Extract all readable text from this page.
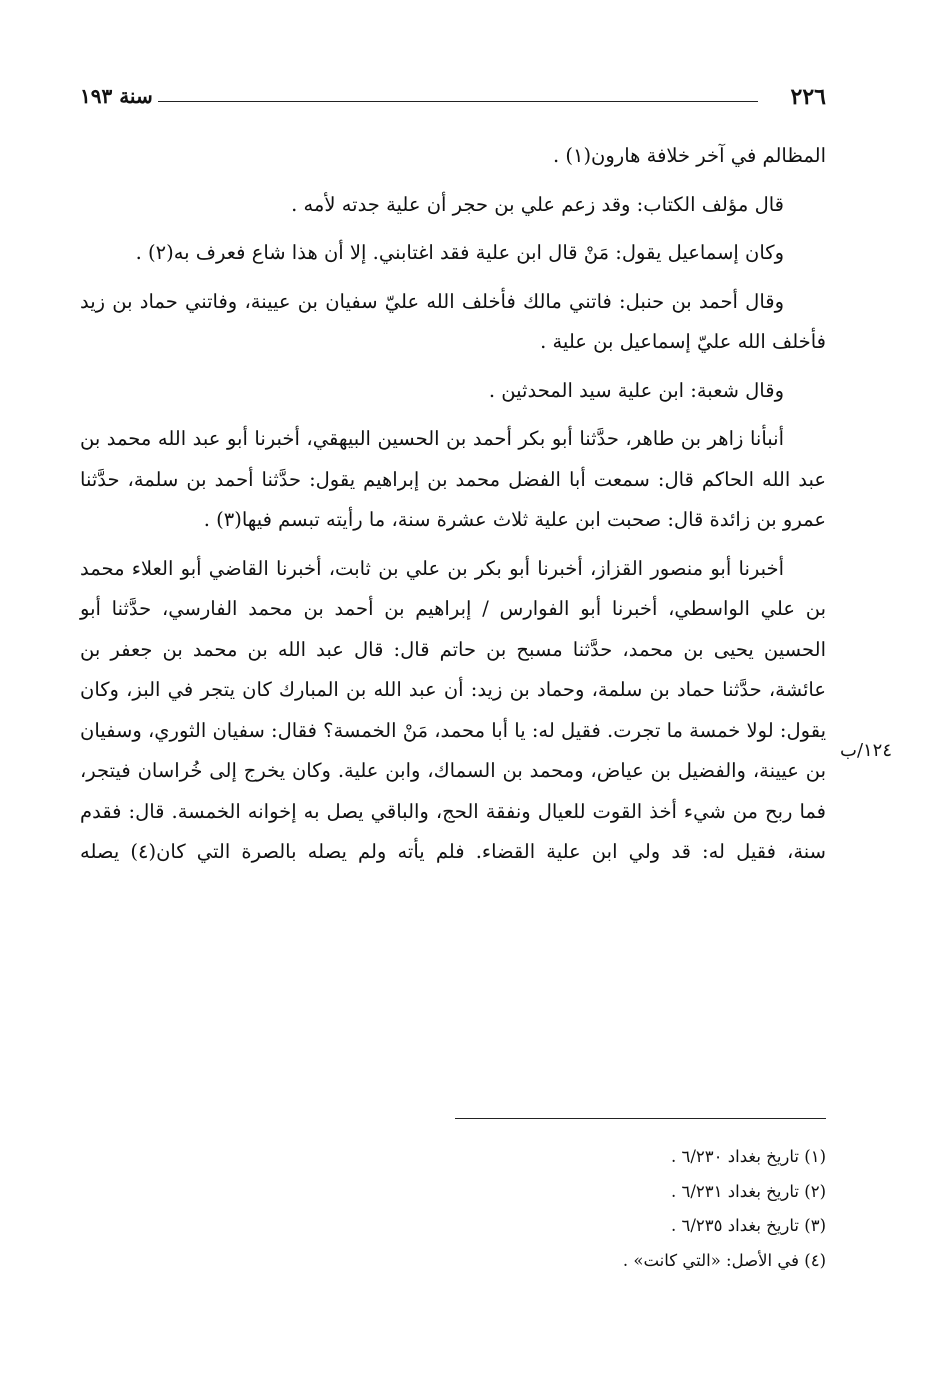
٢٢٦
سنة ١٩٣
١٢٤/ب

المظالم في آخر خلافة هارون(١) .

قال مؤلف الكتاب: وقد زعم علي بن حجر أن علية جدته لأمه .

وكان إسماعيل يقول: مَنْ قال ابن علية فقد اغتابني. إلا أن هذا شاع فعرف به(٢) .

وقال أحمد بن حنبل: فاتني مالك فأخلف الله عليّ سفيان بن عيينة، وفاتني حماد بن زيد فأخلف الله عليّ إسماعيل بن علية .

وقال شعبة: ابن علية سيد المحدثين .

أنبأنا زاهر بن طاهر، حدَّثنا أبو بكر أحمد بن الحسين البيهقي، أخبرنا أبو عبد الله محمد بن عبد الله الحاكم قال: سمعت أبا الفضل محمد بن إبراهيم يقول: حدَّثنا أحمد بن سلمة، حدَّثنا عمرو بن زائدة قال: صحبت ابن علية ثلاث عشرة سنة، ما رأيته تبسم فيها(٣) .

أخبرنا أبو منصور القزاز، أخبرنا أبو بكر بن علي بن ثابت، أخبرنا القاضي أبو العلاء محمد بن علي الواسطي، أخبرنا أبو الفوارس / إبراهيم بن أحمد بن محمد الفارسي، حدَّثنا أبو الحسين يحيى بن محمد، حدَّثنا مسبح بن حاتم قال: قال عبد الله بن محمد بن جعفر بن عائشة، حدَّثنا حماد بن سلمة، وحماد بن زيد: أن عبد الله بن المبارك كان يتجر في البز، وكان يقول: لولا خمسة ما تجرت. فقيل له: يا أبا محمد، مَنْ الخمسة؟ فقال: سفيان الثوري، وسفيان بن عيينة، والفضيل بن عياض، ومحمد بن السماك، وابن علية. وكان يخرج إلى خُراسان فيتجر، فما ربح من شيء أخذ القوت للعيال ونفقة الحج، والباقي يصل به إخوانه الخمسة. قال: فقدم سنة، فقيل له: قد ولي ابن علية القضاء. فلم يأته ولم يصله بالصرة التي كان(٤) يصله

(١) تاريخ بغداد ٦/٢٣٠ .

(٢) تاريخ بغداد ٦/٢٣١ .

(٣) تاريخ بغداد ٦/٢٣٥ .

(٤) في الأصل: «التي كانت» .
